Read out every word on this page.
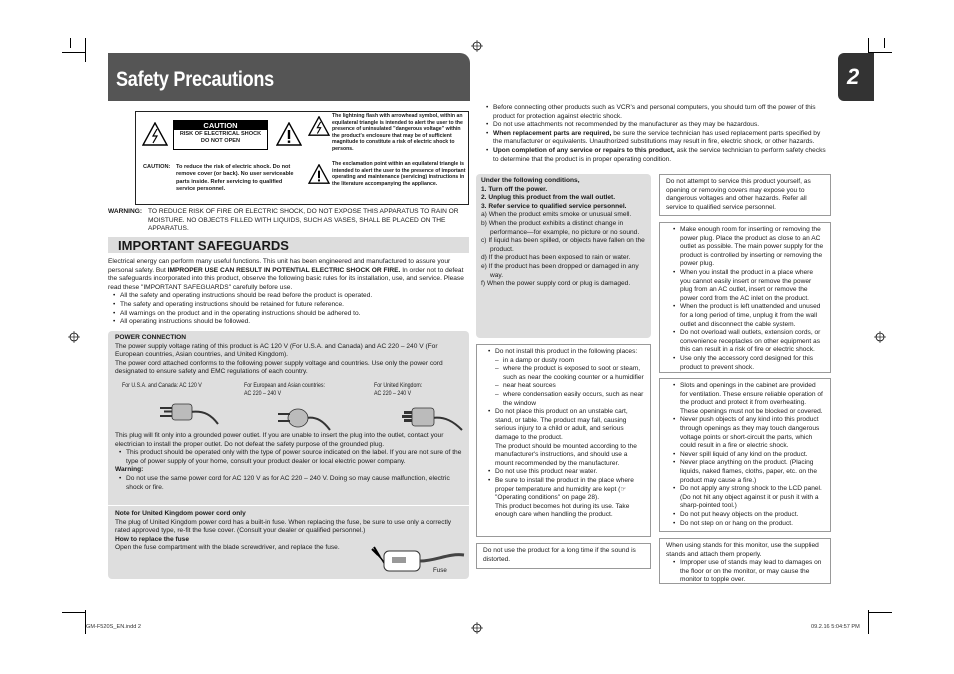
Safety Precautions	2
CAUTION
RISK OF ELECTRICAL SHOCK
DO NOT OPEN
CAUTION: To reduce the risk of electric shock. Do not remove cover (or back). No user serviceable parts inside. Refer servicing to qualified service personnel.
The lightning flash with arrowhead symbol, within an equilateral triangle is intended to alert the user to the presence of uninsulated "dangerous voltage" within the product's enclosure that may be of sufficient magnitude to constitute a risk of electric shock to persons.
The exclamation point within an equilateral triangle is intended to alert the user to the presence of important operating and maintenance (servicing) instructions in the literature accompanying the appliance.
WARNING: TO REDUCE RISK OF FIRE OR ELECTRIC SHOCK, DO NOT EXPOSE THIS APPARATUS TO RAIN OR MOISTURE. NO OBJECTS FILLED WITH LIQUIDS, SUCH AS VASES, SHALL BE PLACED ON THE APPARATUS.
IMPORTANT SAFEGUARDS
Electrical energy can perform many useful functions. This unit has been engineered and manufactured to assure your personal safety. But IMPROPER USE CAN RESULT IN POTENTIAL ELECTRIC SHOCK OR FIRE. In order not to defeat the safeguards incorporated into this product, observe the following basic rules for its installation, use, and service. Please read these "IMPORTANT SAFEGUARDS" carefully before use.
• All the safety and operating instructions should be read before the product is operated.
• The safety and operating instructions should be retained for future reference.
• All warnings on the product and in the operating instructions should be adhered to.
• All operating instructions should be followed.
POWER CONNECTION
The power supply voltage rating of this product is AC 120 V (For U.S.A. and Canada) and AC 220 – 240 V (For European countries, Asian countries, and United Kingdom).
The power cord attached conforms to the following power supply voltage and countries. Use only the power cord designated to ensure safety and EMC regulations of each country.
For U.S.A. and Canada: AC 120 V	For European and Asian countries:
AC 220 – 240 V
For United Kingdom:
AC 220 – 240 V
This plug will fit only into a grounded power outlet. If you are unable to insert the plug into the outlet, contact your electrician to install the proper outlet. Do not defeat the safety purpose of the grounded plug.
• This product should be operated only with the type of power source indicated on the label. If you are not sure of the type of power supply of your home, consult your product dealer or local electric power company.
Warning:
• Do not use the same power cord for AC 120 V as for AC 220 – 240 V. Doing so may cause malfunction, electric shock or fire.
Note for United Kingdom power cord only
The plug of United Kingdom power cord has a built-in fuse. When replacing the fuse, be sure to use only a correctly rated approved type, re-fit the fuse cover. (Consult your dealer or qualified personnel.)
How to replace the fuse
Open the fuse compartment with the blade screwdriver, and replace the fuse.
Fuse
• Before connecting other products such as VCR's and personal computers, you should turn off the power of this product for protection against electric shock.
• Do not use attachments not recommended by the manufacturer as they may be hazardous.
• When replacement parts are required, be sure the service technician has used replacement parts specified by the manufacturer or equivalents. Unauthorized substitutions may result in fire, electric shock, or other hazards.
• Upon completion of any service or repairs to this product, ask the service technician to perform safety checks to determine that the product is in proper operating condition.
Under the following conditions,
1. Turn off the power.
2. Unplug this product from the wall outlet.
3. Refer service to qualified service personnel.
a) When the product emits smoke or unusual smell.
b) When the product exhibits a distinct change in performance—for example, no picture or no sound.
c) If liquid has been spilled, or objects have fallen on the product.
d) If the product has been exposed to rain or water.
e) If the product has been dropped or damaged in any way.
f) When the power supply cord or plug is damaged.
Do not attempt to service this product yourself, as opening or removing covers may expose you to dangerous voltages and other hazards. Refer all service to qualified service personnel.
• Do not install this product in the following places:
– in a damp or dusty room
– where the product is exposed to soot or steam, such as near the cooking counter or a humidifier
– near heat sources
– where condensation easily occurs, such as near the window
• Do not place this product on an unstable cart, stand, or table. The product may fall, causing serious injury to a child or adult, and serious damage to the product.
The product should be mounted according to the manufacturer's instructions, and should use a mount recommended by the manufacturer.
• Do not use this product near water.
• Be sure to install the product in the place where proper temperature and humidity are kept (☞ "Operating conditions" on page 28).
This product becomes hot during its use. Take enough care when handling the product.
Do not use the product for a long time if the sound is distorted.
• Make enough room for inserting or removing the power plug. Place the product as close to an AC outlet as possible. The main power supply for the product is controlled by inserting or removing the power plug.
• When you install the product in a place where you cannot easily insert or remove the power plug from an AC outlet, insert or remove the power cord from the AC inlet on the product.
• When the product is left unattended and unused for a long period of time, unplug it from the wall outlet and disconnect the cable system.
• Do not overload wall outlets, extension cords, or convenience receptacles on other equipment as this can result in a risk of fire or electric shock.
• Use only the accessory cord designed for this product to prevent shock.
• Slots and openings in the cabinet are provided for ventilation. These ensure reliable operation of the product and protect it from overheating. These openings must not be blocked or covered.
• Never push objects of any kind into this product through openings as they may touch dangerous voltage points or short-circuit the parts, which could result in a fire or electric shock.
• Never spill liquid of any kind on the product.
• Never place anything on the product. (Placing liquids, naked flames, cloths, paper, etc. on the product may cause a fire.)
• Do not apply any strong shock to the LCD panel. (Do not hit any object against it or push it with a sharp-pointed tool.)
• Do not put heavy objects on the product.
• Do not step on or hang on the product.
When using stands for this monitor, use the supplied stands and attach them properly.
• Improper use of stands may lead to damages on the floor or on the monitor, or may cause the monitor to topple over.
GM-F520S_EN.indd 2	09.2.16 5:04:57 PM
